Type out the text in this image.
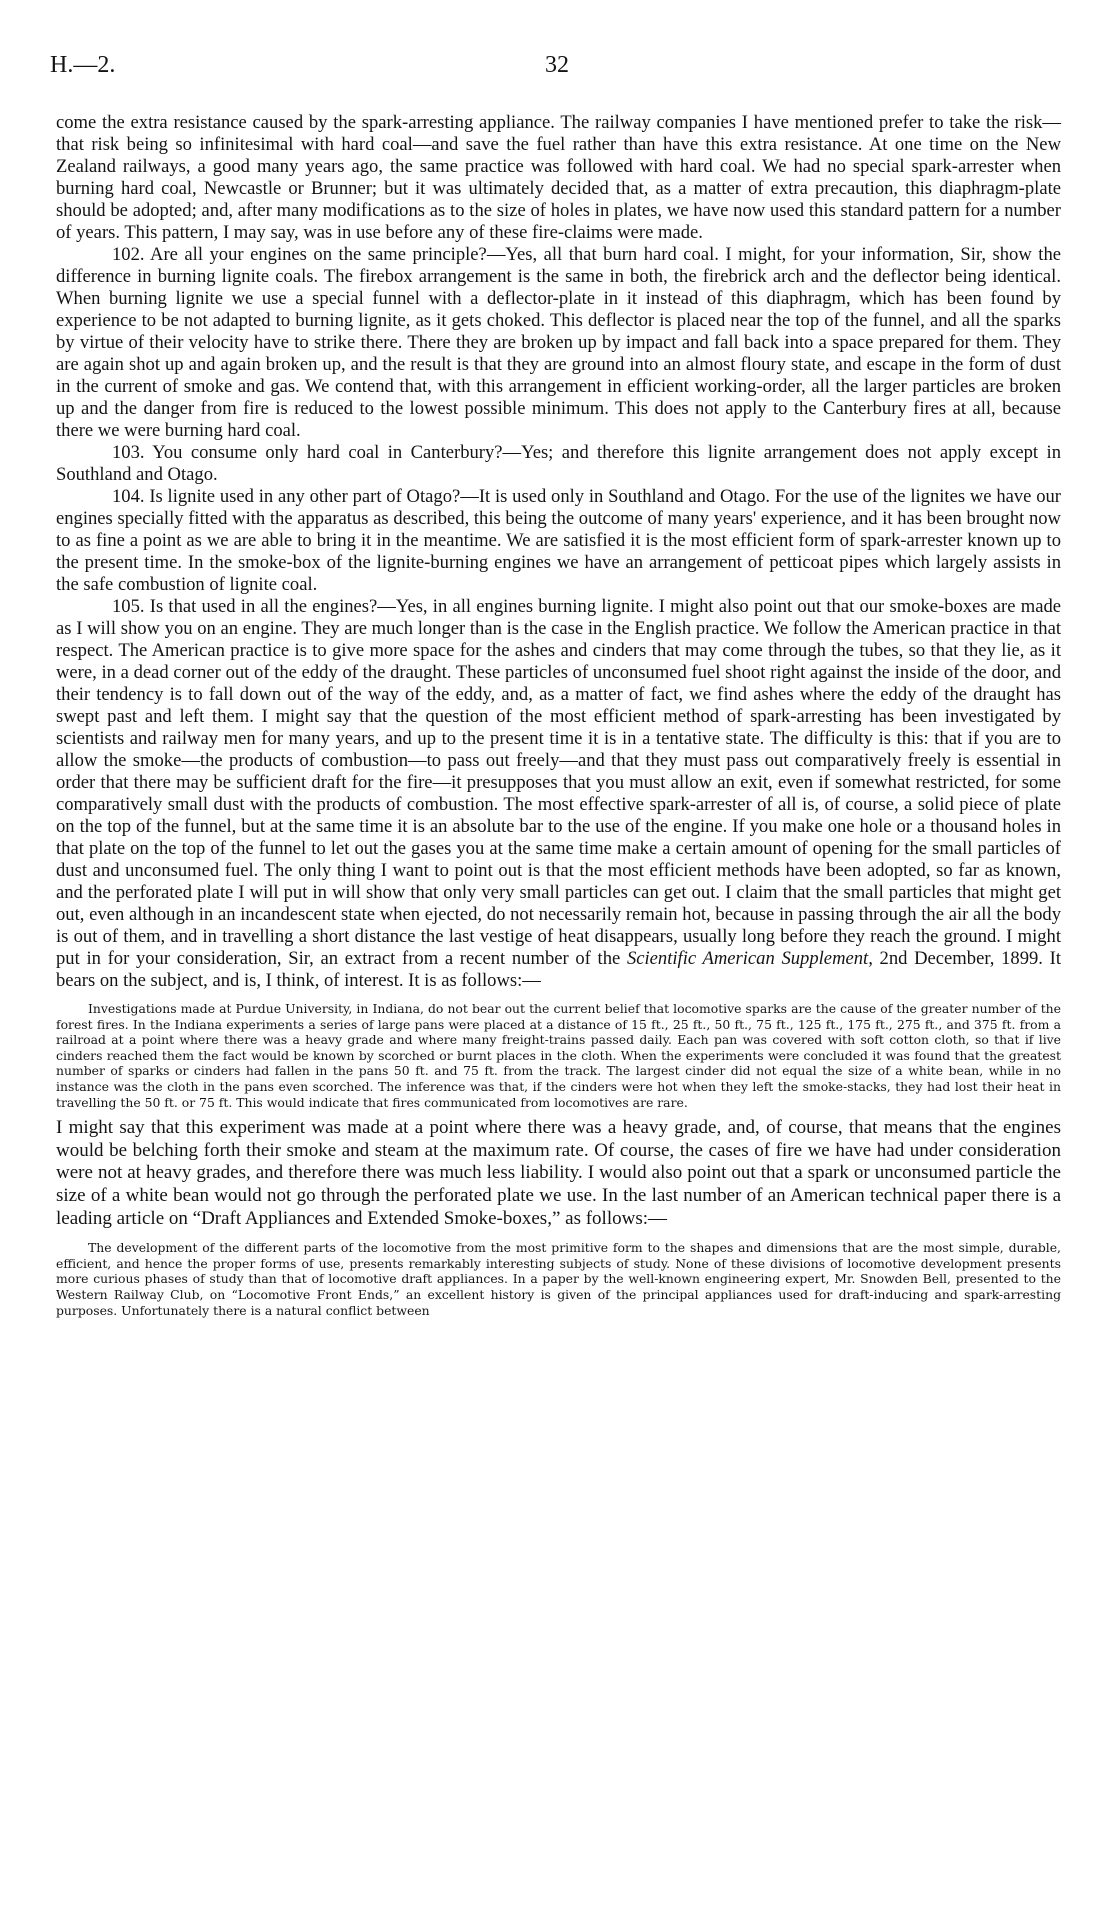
H.—2.	32

come the extra resistance caused by the spark-arresting appliance. The railway companies I have mentioned prefer to take the risk—that risk being so infinitesimal with hard coal—and save the fuel rather than have this extra resistance. At one time on the New Zealand railways, a good many years ago, the same practice was followed with hard coal. We had no special spark-arrester when burning hard coal, Newcastle or Brunner; but it was ultimately decided that, as a matter of extra precaution, this diaphragm-plate should be adopted; and, after many modifications as to the size of holes in plates, we have now used this standard pattern for a number of years. This pattern, I may say, was in use before any of these fire-claims were made.

102. Are all your engines on the same principle?—Yes, all that burn hard coal. I might, for your information, Sir, show the difference in burning lignite coals. The firebox arrangement is the same in both, the firebrick arch and the deflector being identical. When burning lignite we use a special funnel with a deflector-plate in it instead of this diaphragm, which has been found by experience to be not adapted to burning lignite, as it gets choked. This deflector is placed near the top of the funnel, and all the sparks by virtue of their velocity have to strike there. There they are broken up by impact and fall back into a space prepared for them. They are again shot up and again broken up, and the result is that they are ground into an almost floury state, and escape in the form of dust in the current of smoke and gas. We contend that, with this arrangement in efficient working-order, all the larger particles are broken up and the danger from fire is reduced to the lowest possible minimum. This does not apply to the Canterbury fires at all, because there we were burning hard coal.

103. You consume only hard coal in Canterbury?—Yes; and therefore this lignite arrangement does not apply except in Southland and Otago.

104. Is lignite used in any other part of Otago?—It is used only in Southland and Otago. For the use of the lignites we have our engines specially fitted with the apparatus as described, this being the outcome of many years' experience, and it has been brought now to as fine a point as we are able to bring it in the meantime. We are satisfied it is the most efficient form of spark-arrester known up to the present time. In the smoke-box of the lignite-burning engines we have an arrangement of petticoat pipes which largely assists in the safe combustion of lignite coal.

105. Is that used in all the engines?—Yes, in all engines burning lignite. I might also point out that our smoke-boxes are made as I will show you on an engine. They are much longer than is the case in the English practice. We follow the American practice in that respect. The American practice is to give more space for the ashes and cinders that may come through the tubes, so that they lie, as it were, in a dead corner out of the eddy of the draught. These particles of unconsumed fuel shoot right against the inside of the door, and their tendency is to fall down out of the way of the eddy, and, as a matter of fact, we find ashes where the eddy of the draught has swept past and left them. I might say that the question of the most efficient method of spark-arresting has been investigated by scientists and railway men for many years, and up to the present time it is in a tentative state. The difficulty is this: that if you are to allow the smoke—the products of combustion—to pass out freely—and that they must pass out comparatively freely is essential in order that there may be sufficient draft for the fire—it presupposes that you must allow an exit, even if somewhat restricted, for some comparatively small dust with the products of combustion. The most effective spark-arrester of all is, of course, a solid piece of plate on the top of the funnel, but at the same time it is an absolute bar to the use of the engine. If you make one hole or a thousand holes in that plate on the top of the funnel to let out the gases you at the same time make a certain amount of opening for the small particles of dust and unconsumed fuel. The only thing I want to point out is that the most efficient methods have been adopted, so far as known, and the perforated plate I will put in will show that only very small particles can get out. I claim that the small particles that might get out, even although in an incandescent state when ejected, do not necessarily remain hot, because in passing through the air all the body is out of them, and in travelling a short distance the last vestige of heat disappears, usually long before they reach the ground. I might put in for your consideration, Sir, an extract from a recent number of the Scientific American Supplement, 2nd December, 1899. It bears on the subject, and is, I think, of interest. It is as follows:—

Investigations made at Purdue University, in Indiana, do not bear out the current belief that locomotive sparks are the cause of the greater number of the forest fires. In the Indiana experiments a series of large pans were placed at a distance of 15 ft., 25 ft., 50 ft., 75 ft., 125 ft., 175 ft., 275 ft., and 375 ft. from a railroad at a point where there was a heavy grade and where many freight-trains passed daily. Each pan was covered with soft cotton cloth, so that if live cinders reached them the fact would be known by scorched or burnt places in the cloth. When the experiments were concluded it was found that the greatest number of sparks or cinders had fallen in the pans 50 ft. and 75 ft. from the track. The largest cinder did not equal the size of a white bean, while in no instance was the cloth in the pans even scorched. The inference was that, if the cinders were hot when they left the smoke-stacks, they had lost their heat in travelling the 50 ft. or 75 ft. This would indicate that fires communicated from locomotives are rare.

I might say that this experiment was made at a point where there was a heavy grade, and, of course, that means that the engines would be belching forth their smoke and steam at the maximum rate. Of course, the cases of fire we have had under consideration were not at heavy grades, and therefore there was much less liability. I would also point out that a spark or unconsumed particle the size of a white bean would not go through the perforated plate we use. In the last number of an American technical paper there is a leading article on “Draft Appliances and Extended Smoke-boxes,” as follows:—

The development of the different parts of the locomotive from the most primitive form to the shapes and dimensions that are the most simple, durable, efficient, and hence the proper forms of use, presents remarkably interesting subjects of study. None of these divisions of locomotive development presents more curious phases of study than that of locomotive draft appliances. In a paper by the well-known engineering expert, Mr. Snowden Bell, presented to the Western Railway Club, on “Locomotive Front Ends,” an excellent history is given of the principal appliances used for draft-inducing and spark-arresting purposes. Unfortunately there is a natural conflict between
